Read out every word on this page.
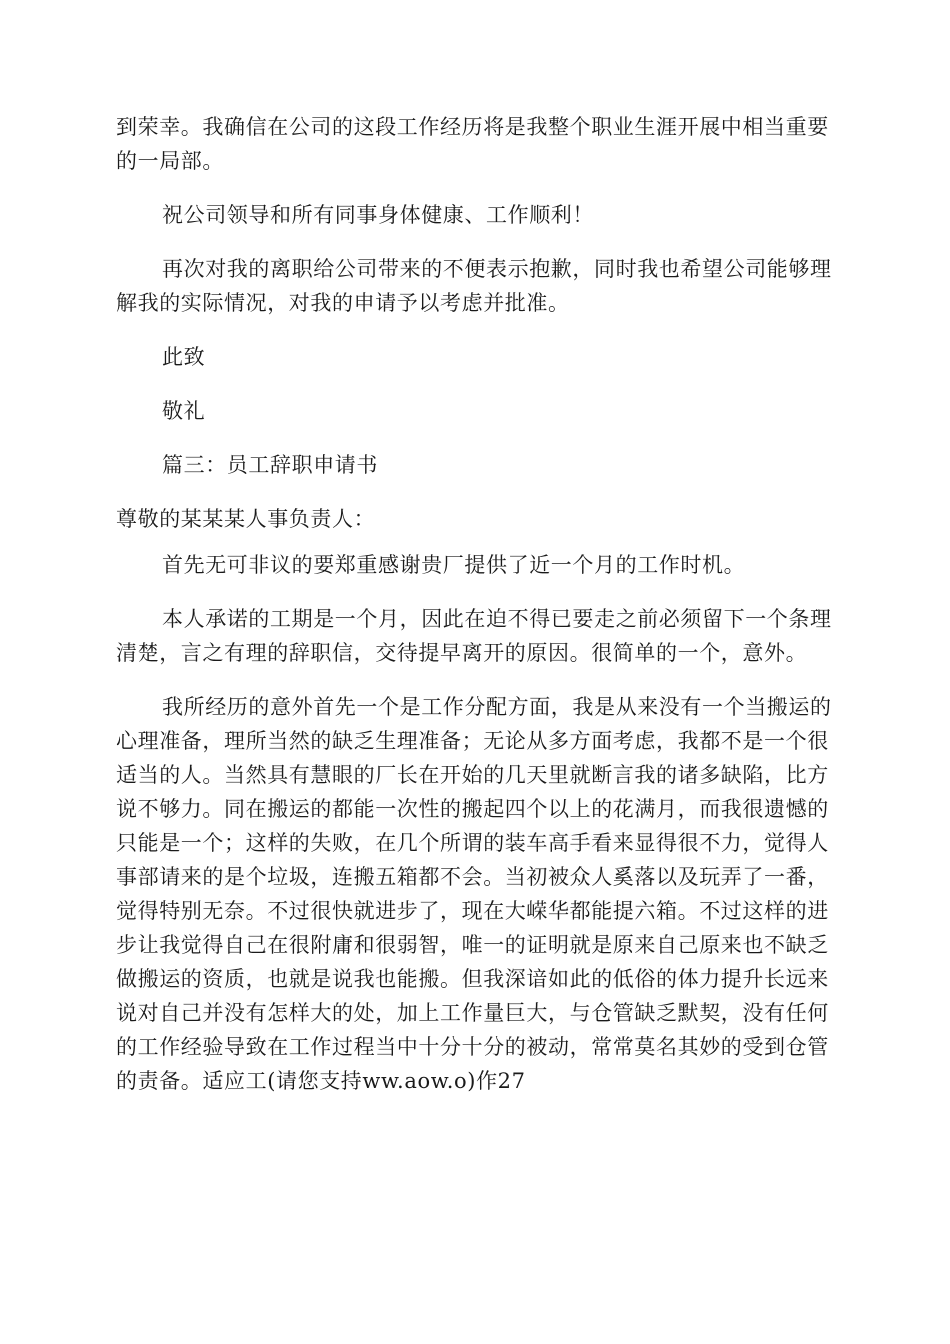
到荣幸。我确信在公司的这段工作经历将是我整个职业生涯开展中相当重要的一局部。

祝公司领导和所有同事身体健康、工作顺利！

再次对我的离职给公司带来的不便表示抱歉，同时我也希望公司能够理解我的实际情况，对我的申请予以考虑并批准。

此致

敬礼

篇三：员工辞职申请书

尊敬的某某某人事负责人：

首先无可非议的要郑重感谢贵厂提供了近一个月的工作时机。

本人承诺的工期是一个月，因此在迫不得已要走之前必须留下一个条理清楚，言之有理的辞职信，交待提早离开的原因。很简单的一个，意外。

我所经历的意外首先一个是工作分配方面，我是从来没有一个当搬运的心理准备，理所当然的缺乏生理准备；无论从多方面考虑，我都不是一个很适当的人。当然具有慧眼的厂长在开始的几天里就断言我的诸多缺陷，比方说不够力。同在搬运的都能一次性的搬起四个以上的花满月，而我很遗憾的只能是一个；这样的失败，在几个所谓的装车高手看来显得很不力，觉得人事部请来的是个垃圾，连搬五箱都不会。当初被众人奚落以及玩弄了一番，觉得特别无奈。不过很快就进步了，现在大嵘华都能提六箱。不过这样的进步让我觉得自己在很附庸和很弱智，唯一的证明就是原来自己原来也不缺乏做搬运的资质，也就是说我也能搬。但我深谙如此的低俗的体力提升长远来说对自己并没有怎样大的处，加上工作量巨大，与仓管缺乏默契，没有任何的工作经验导致在工作过程当中十分十分的被动，常常莫名其妙的受到仓管的责备。适应工(请您支持ww.aow.o)作27
